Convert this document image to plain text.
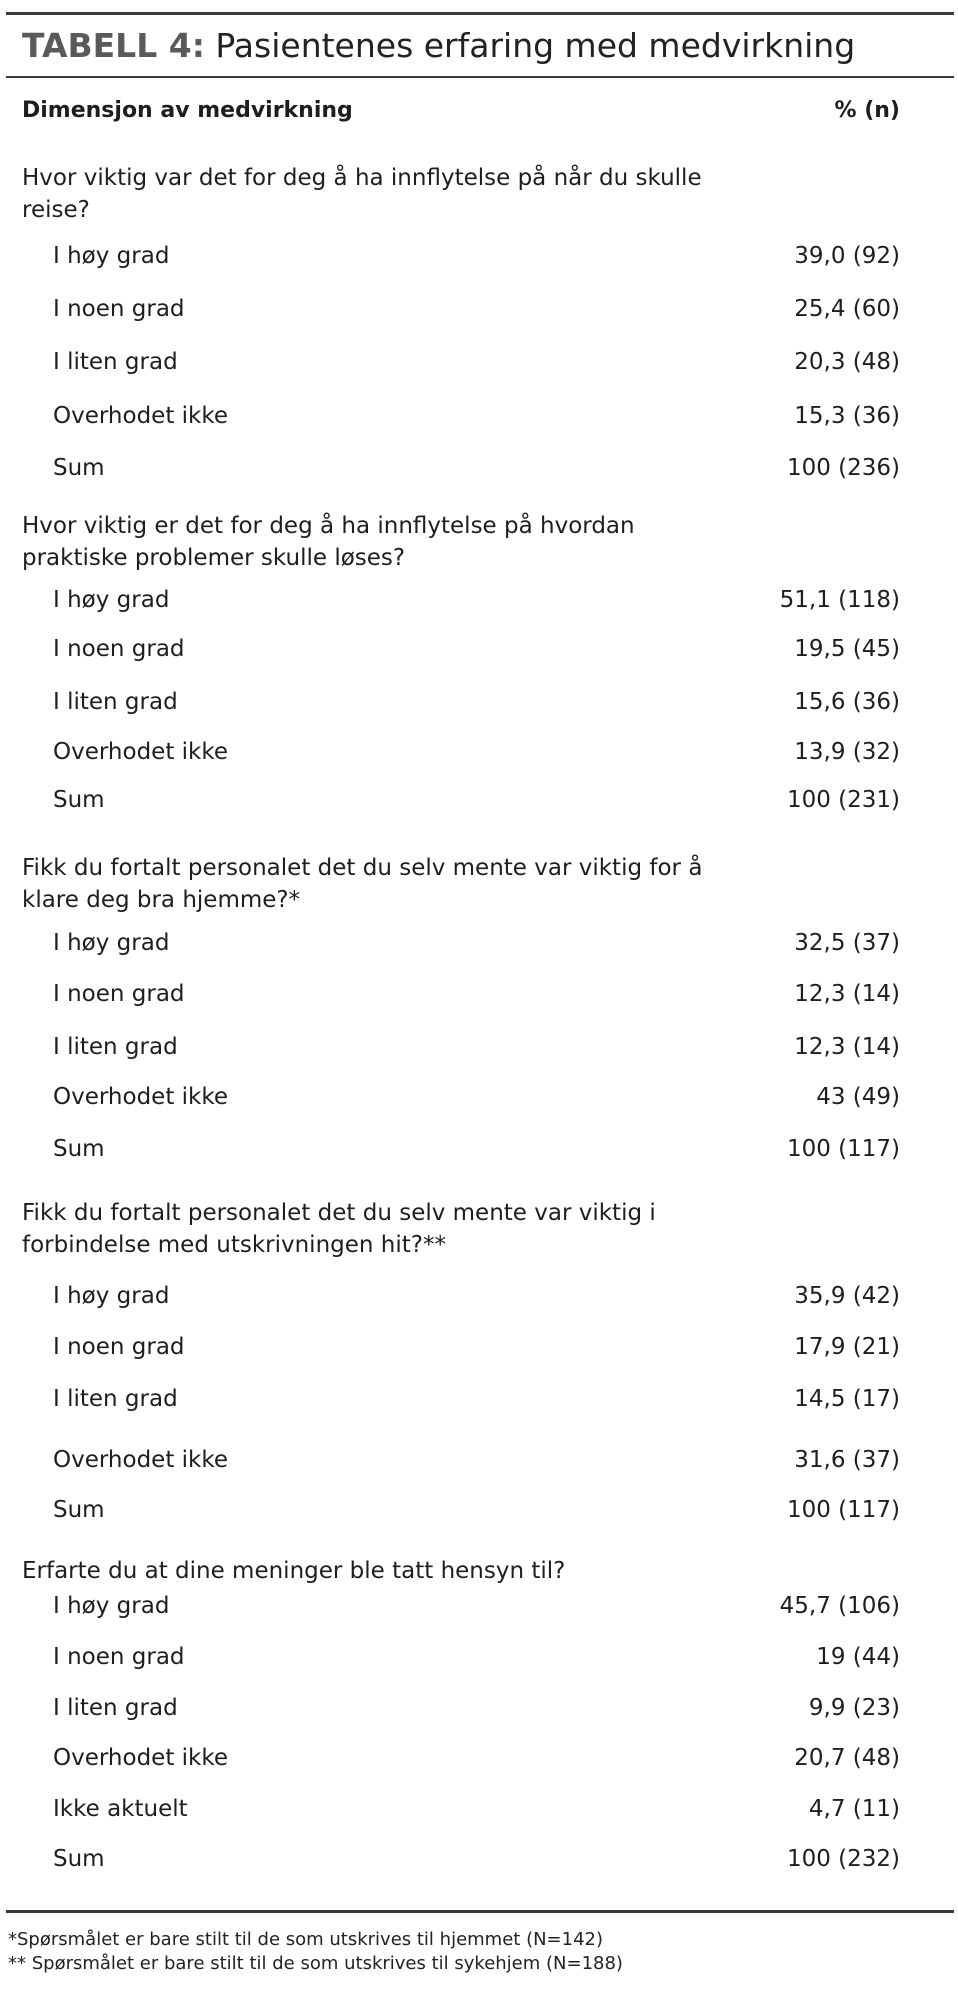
TABELL 4: Pasientenes erfaring med medvirkning
Dimensjon av medvirkning	% (n)
Hvor viktig var det for deg å ha innflytelse på når du skulle reise?
I høy grad	39,0 (92)
I noen grad	25,4 (60)
I liten grad	20,3 (48)
Overhodet ikke	15,3 (36)
Sum	100 (236)
Hvor viktig er det for deg å ha innflytelse på hvordan praktiske problemer skulle løses?
I høy grad	51,1 (118)
I noen grad	19,5 (45)
I liten grad	15,6 (36)
Overhodet ikke	13,9 (32)
Sum	100 (231)
Fikk du fortalt personalet det du selv mente var viktig for å klare deg bra hjemme?*
I høy grad	32,5 (37)
I noen grad	12,3 (14)
I liten grad	12,3 (14)
Overhodet ikke	43 (49)
Sum	100 (117)
Fikk du fortalt personalet det du selv mente var viktig i forbindelse med utskrivningen hit?**
I høy grad	35,9 (42)
I noen grad	17,9 (21)
I liten grad	14,5 (17)
Overhodet ikke	31,6 (37)
Sum	100 (117)
Erfarte du at dine meninger ble tatt hensyn til?
I høy grad	45,7 (106)
I noen grad	19 (44)
I liten grad	9,9 (23)
Overhodet ikke	20,7 (48)
Ikke aktuelt	4,7 (11)
Sum	100 (232)
*Spørsmålet er bare stilt til de som utskrives til hjemmet (N=142)
** Spørsmålet er bare stilt til de som utskrives til sykehjem (N=188)
